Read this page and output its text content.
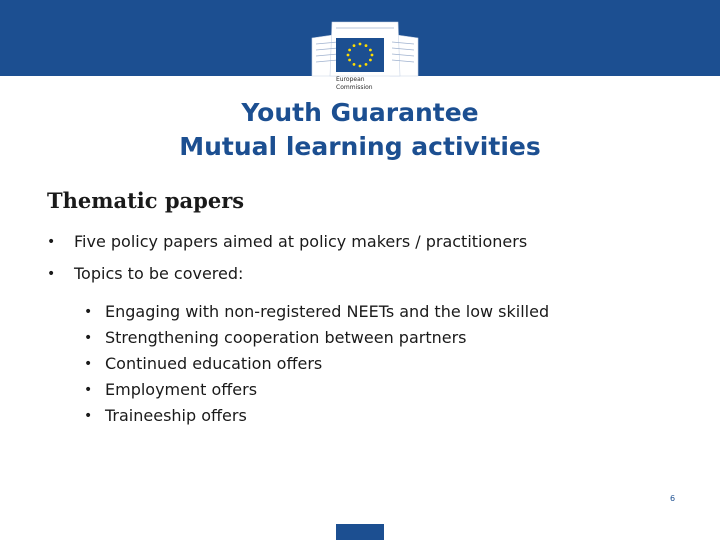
European
Commission
Youth Guarantee
Mutual learning activities
Thematic papers
• Five policy papers aimed at policy makers / practitioners
• Topics to be covered:
• Engaging with non-registered NEETs and the low skilled
• Strengthening cooperation between partners
• Continued education offers
• Employment offers
• Traineeship offers
6
